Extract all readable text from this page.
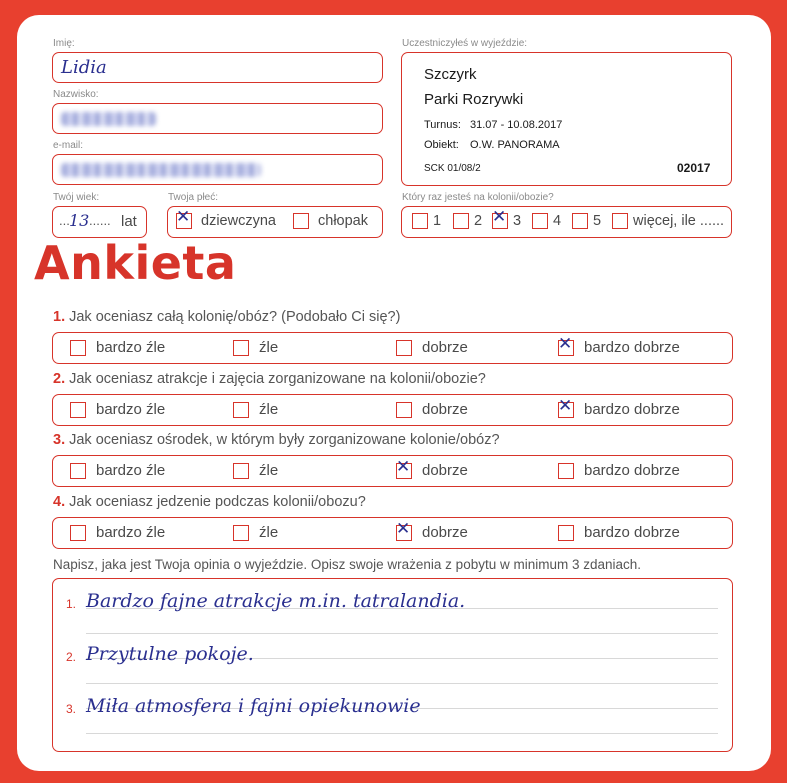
Imię:
Lidia
Nazwisko:
e-mail:
Twój wiek:
... 13 ...... lat
Twoja płeć:
✕ dziewczyna	chłopak
Uczestniczyłeś w wyjeździe:
Szczyrk
Parki Rozrywki
Turnus: 31.07 - 10.08.2017
Obiekt: O.W. PANORAMA
SCK 01/08/2	02017
Który raz jesteś na kolonii/obozie?
1 2 ✕ 3 4 5 więcej, ile ......
Ankieta
1. Jak oceniasz całą kolonię/obóz? (Podobało Ci się?)
bardzo źle	źle	dobrze	✕ bardzo dobrze
2. Jak oceniasz atrakcje i zajęcia zorganizowane na kolonii/obozie?
bardzo źle	źle	dobrze	✕ bardzo dobrze
3. Jak oceniasz ośrodek, w którym były zorganizowane kolonie/obóz?
bardzo źle	źle	✕ dobrze	bardzo dobrze
4. Jak oceniasz jedzenie podczas kolonii/obozu?
bardzo źle	źle	✕ dobrze	bardzo dobrze
Napisz, jaka jest Twoja opinia o wyjeździe. Opisz swoje wrażenia z pobytu w minimum 3 zdaniach.
1. Bardzo fajne atrakcje m.in. tatralandia.
2. Przytulne pokoje.
3. Miła atmosfera i fajni opiekunowie
